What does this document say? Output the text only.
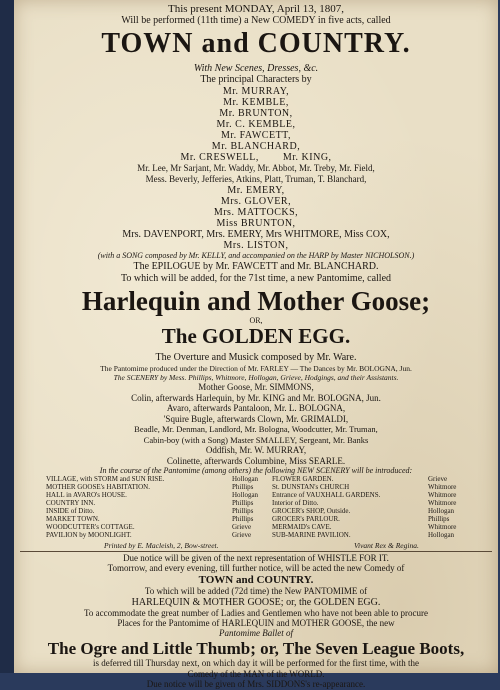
This present MONDAY, April 13, 1807,
Will be performed (11th time) a New COMEDY in five acts, called
TOWN and COUNTRY.
With New Scenes, Dresses, &c.
The principal Characters by
Mr. MURRAY,
Mr. KEMBLE,
Mr. BRUNTON,
Mr. C. KEMBLE,
Mr. FAWCETT,
Mr. BLANCHARD,
Mr. CRESWELL,        Mr. KING,
Mr. Lee, Mr Sarjant, Mr. Waddy, Mr. Abbot, Mr. Treby, Mr. Field,
Mess. Beverly, Jefferies, Atkins, Platt, Truman, T. Blanchard,
Mr. EMERY,
Mrs. GLOVER,
Mrs. MATTOCKS,
Miss BRUNTON,
Mrs. DAVENPORT, Mrs. EMERY, Mrs WHITMORE, Miss COX,
Mrs. LISTON,
(with a SONG composed by Mr. KELLY, and accompanied on the HARP by Master NICHOLSON.)
The EPILOGUE by Mr. FAWCETT and Mr. BLANCHARD.
To which will be added, for the 71st time, a new Pantomime, called
Harlequin and Mother Goose;
OR,
The GOLDEN EGG.
The Overture and Musick composed by Mr. Ware.
The Pantomime produced under the Direction of Mr. FARLEY — The Dances by Mr. BOLOGNA, Jun.
The SCENERY by Mess. Phillips, Whitmore, Hollogan, Grieve, Hodgings, and their Assistants.
Mother Goose, Mr. SIMMONS,
Colin, afterwards Harlequin, by Mr. KING and Mr. BOLOGNA, Jun.
Avaro, afterwards Pantaloon, Mr. L. BOLOGNA,
'Squire Bugle, afterwards Clown, Mr. GRIMALDI,
Beadle, Mr. Denman, Landlord, Mr. Bologna, Woodcutter, Mr. Truman,
Cabin-boy (with a Song) Master SMALLEY, Sergeant, Mr. Banks
Oddfish, Mr. W. MURRAY,
Colinette, afterwards Columbine, Miss SEARLE.
In the course of the Pantomime (among others) the following NEW SCENERY will be introduced:
VILLAGE, with STORM and SUN RISE.
MOTHER GOOSE's HABITATION.
HALL in AVARO's HOUSE.
COUNTRY INN.
INSIDE of Ditto.
MARKET TOWN.
WOODCUTTER's COTTAGE.
PAVILION by MOONLIGHT.
Hollogan
Phillips
Hollogan
Phillips
Phillips
Phillips
Grieve
Grieve
FLOWER GARDEN.
St. DUNSTAN's CHURCH
Entrance of VAUXHALL GARDENS.
Interior of Ditto.
GROCER's SHOP, Outside.
GROCER's PARLOUR.
MERMAID's CAVE.
SUB-MARINE PAVILION.
Grieve
Whitmore
Whitmore
Whitmore
Hollogan
Phillips
Whitmore
Hollogan
Printed by E. Macleish, 2, Bow-street.	Vivant Rex & Regina.
Due notice will be given of the next representation of WHISTLE FOR IT.
Tomorrow, and every evening, till further notice, will be acted the new Comedy of
TOWN and COUNTRY.
To which will be added (72d time) the New PANTOMIME of
HARLEQUIN & MOTHER GOOSE; or, the GOLDEN EGG.
To accommodate the great number of Ladies and Gentlemen who have not been able to procure
Places for the Pantomime of HARLEQUIN and MOTHER GOOSE, the new
Pantomime Ballet of
The Ogre and Little Thumb; or, The Seven League Boots,
is deferred till Thursday next, on which day it will be performed for the first time, with the
Comedy of the MAN of the WORLD.
Due notice will be given of Mrs. SIDDONS's re-appearance.
